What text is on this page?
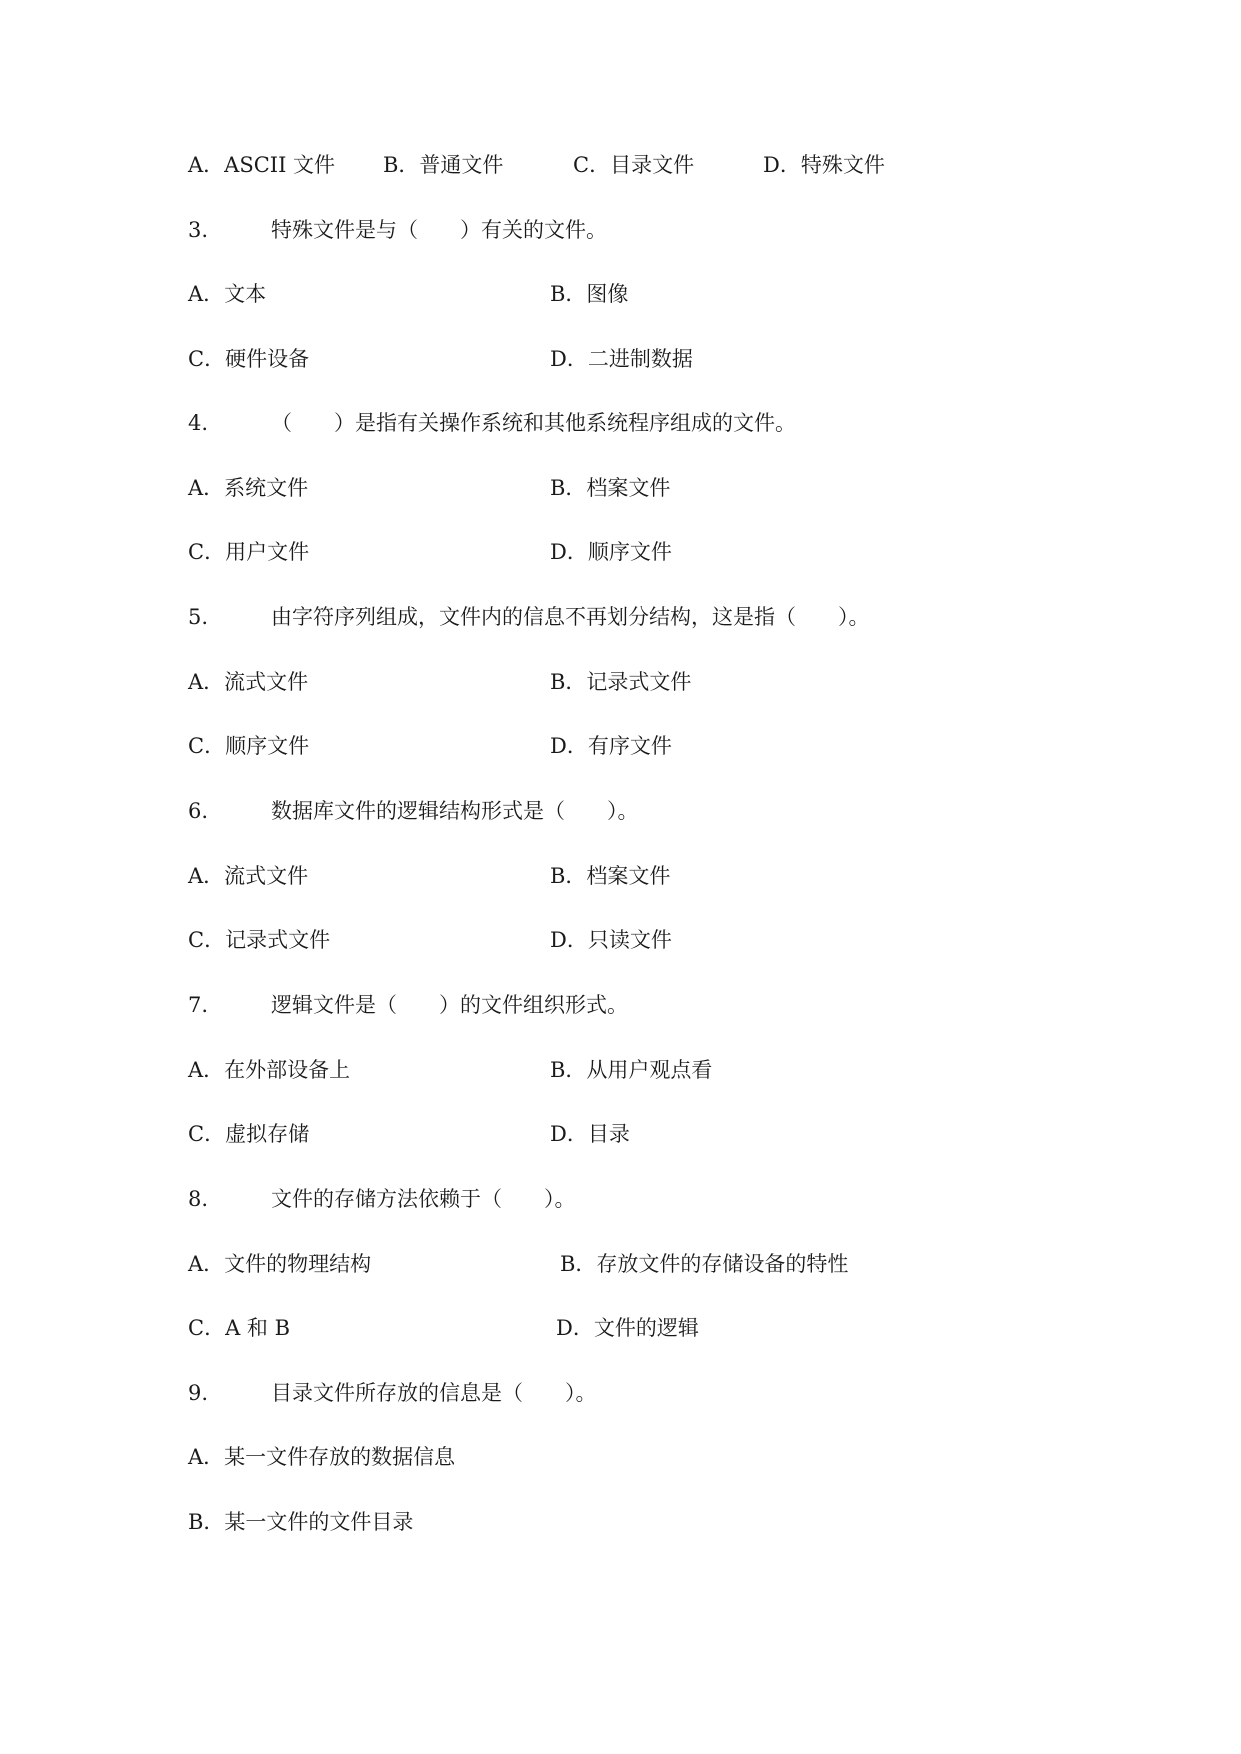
A．ASCII 文件 B．普通文件	C．目录文件	D．特殊文件
3.	特殊文件是与（　　）有关的文件。
A．文本	B．图像
C．硬件设备	D．二进制数据
4.	（　　）是指有关操作系统和其他系统程序组成的文件。
A．系统文件	B．档案文件
C．用户文件	D．顺序文件
5.	由字符序列组成，文件内的信息不再划分结构，这是指（　　）。
A．流式文件	B．记录式文件
C．顺序文件	D．有序文件
6.	数据库文件的逻辑结构形式是（　　）。
A．流式文件	B．档案文件
C．记录式文件	D．只读文件
7.	逻辑文件是（　　）的文件组织形式。
A．在外部设备上	B．从用户观点看
C．虚拟存储	D．目录
8.	文件的存储方法依赖于（　　）。
A．文件的物理结构	B．存放文件的存储设备的特性
C．A 和 B	D．文件的逻辑
9.	目录文件所存放的信息是（　　）。
A．某一文件存放的数据信息
B．某一文件的文件目录
